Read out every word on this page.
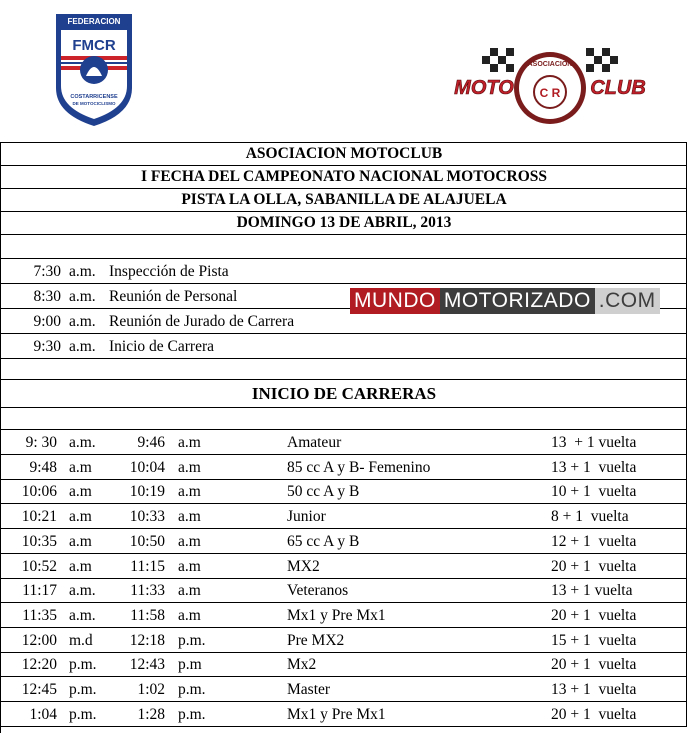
FEDERACION
FMCR
COSTARRICENSE
DE MOTOCICLISMO
ASOCIACION
C R
MOTO	CLUB
ASOCIACION MOTOCLUB
I FECHA DEL CAMPEONATO NACIONAL MOTOCROSS
PISTA LA OLLA, SABANILLA DE ALAJUELA
DOMINGO 13 DE ABRIL, 2013
7:30 a.m. Inspección de Pista
8:30 a.m. Reunión de Personal
9:00 a.m. Reunión de Jurado de Carrera
9:30 a.m. Inicio de Carrera
INICIO DE CARRERAS
9: 30 a.m.	9:46 a.m	Amateur	13  + 1 vuelta
9:48 a.m	10:04 a.m	85 cc A y B- Femenino	13 + 1  vuelta
10:06 a.m	10:19 a.m	50 cc A y B	10 + 1  vuelta
10:21 a.m	10:33 a.m	Junior	8 + 1  vuelta
10:35 a.m	10:50 a.m	65 cc A y B	12 + 1  vuelta
10:52 a.m	11:15 a.m	MX2	20 + 1  vuelta
11:17 a.m.	11:33 a.m	Veteranos	13 + 1 vuelta
11:35 a.m.	11:58 a.m	Mx1 y Pre Mx1	20 + 1  vuelta
12:00 m.d	12:18 p.m.	Pre MX2	15 + 1  vuelta
12:20 p.m.	12:43 p.m	Mx2	20 + 1  vuelta
12:45 p.m.	1:02 p.m.	Master	13 + 1  vuelta
1:04 p.m.	1:28 p.m.	Mx1 y Pre Mx1	20 + 1  vuelta
MUNDO MOTORIZADO .COM
